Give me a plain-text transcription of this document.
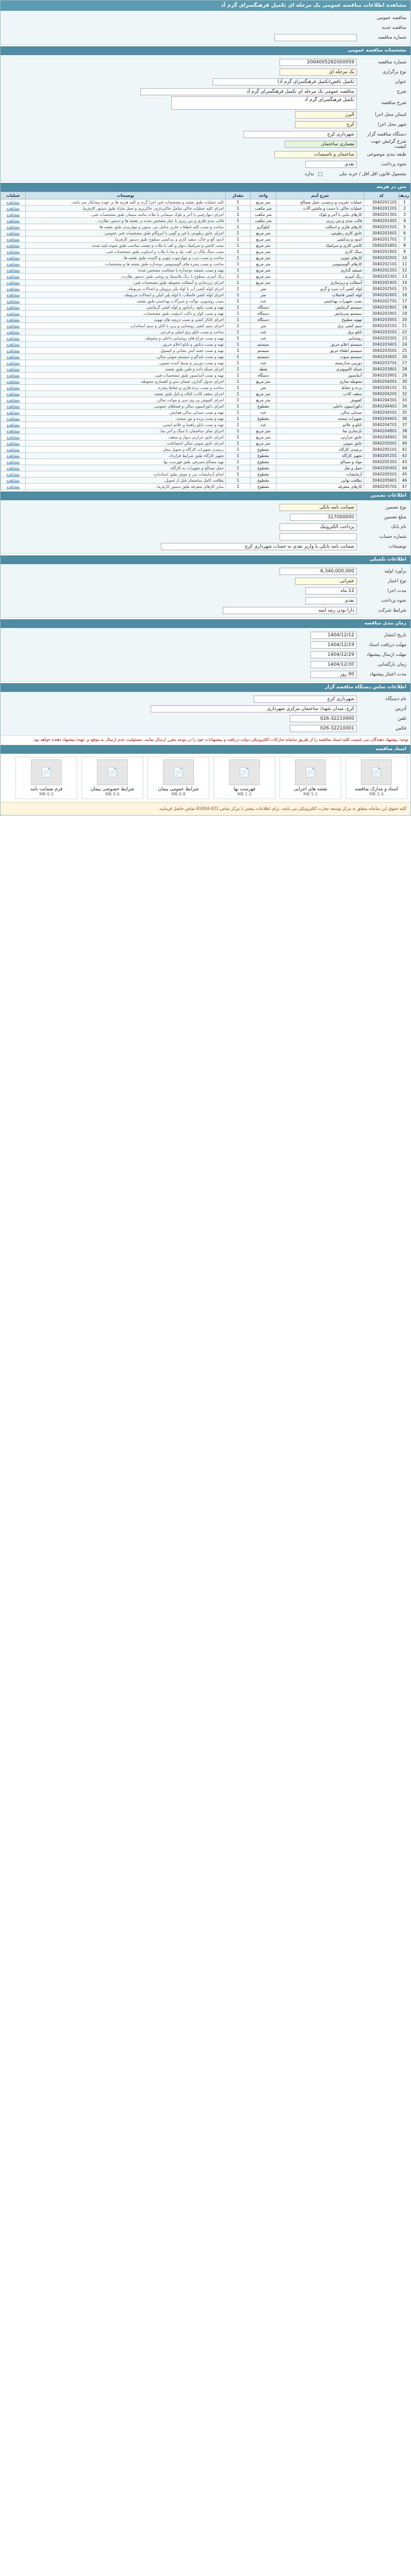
مشاهده اطلاعات مناقصه عمومی یک مرحله ای تکمیل فرهنگسرای گرم آذ
مناقصه عمومی
مناقصه جدید
شماره مناقصه
مشخصات مناقصه عمومی
شماره مناقصه
2004005282000059
نوع برگزاری
یک مرحله ای
عنوان
تکمیل ناقص(تکمیل فرهنگسرای گرم آذ)
شرح
مناقصه عمومی یک مرحله ای تکمیل فرهنگسرای گرم آذ
شرح مناقصه
تکمیل فرهنگسرای گرم آذ
استان محل اجرا
البرز
شهر محل اجرا
کرج
دستگاه مناقصه گزار
شهرداری کرج
شرح گرایش جهت کیفیت
معماری ساختمان
طبقه بندی موضوعی
ساختمان و تاسیسات
نحوه پرداخت
نقدی
مشمول قانون اقل اقل / خرید ملی
ندارد
متن در هزینه
ردیف	کد	شرح آیتم	واحد	مقدار	توضیحات	عملیات
1	3040201101	عملیات تخریب و برچیدن، حمل مصالح	متر مربع	1	کلیه عملیات طبق نقشه و مشخصات فنی اجرا گردد و کلیه هزینه ها بر عهده پیمانکار می باشد.	مشاهده
2	3040201201	عملیات خاکی با دست و ماشین آلات	متر مکعب	1	اجرای کلیه عملیات خاکی شامل خاکبرداری، خاکریزی و حمل مازاد طبق دستور کارفرما.	مشاهده
3	3040201301	کارهای بنایی با آجر و بلوک	متر مکعب	1	اجرای دیوارچینی با آجر و بلوک سیمانی با ملات ماسه سیمان طبق مشخصات فنی.	مشاهده
4	3040201401	قالب بندی و بتن ریزی	متر مکعب	1	قالب بندی فلزی و بتن ریزی با عیار مشخص شده در نقشه ها و دستور نظارت.	مشاهده
5	3040201501	کارهای فلزی و اسکلت	کیلوگرم	1	ساخت و نصب کلیه قطعات فلزی شامل تیر، ستون و مهاربندی طبق نقشه ها.	مشاهده
6	3040201601	عایق کاری رطوبتی	متر مربع	1	اجرای عایق رطوبتی با قیر و گونی یا ایزوگام طبق مشخصات فنی عمومی.	مشاهده
7	3040201701	اندود و بندکشی	متر مربع	1	اندود گچ و خاک، سفید کاری و بندکشی سطوح طبق دستور کارفرما.	مشاهده
8	3040201801	کاشی کاری و سرامیک	متر مربع	1	نصب کاشی و سرامیک دیوار و کف با ملات و چسب مناسب طبق نمونه تایید شده.	مشاهده
9	3040201901	سنگ کاری	متر مربع	1	نصب سنگ پلاک در کف، پله و نما با ملات و اسکوپ طبق مشخصات فنی.	مشاهده
10	3040202001	کارهای چوبی	متر مربع	1	ساخت و نصب درب و چهارچوب چوبی و کابینت طبق نقشه ها.	مشاهده
11	3040202101	کارهای آلومینیومی	متر مربع	1	ساخت و نصب پنجره های آلومینیومی دوجداره طبق نقشه ها و مشخصات.	مشاهده
12	3040202201	شیشه گذاری	متر مربع	1	تهیه و نصب شیشه دوجداره با ضخامت مشخص شده.	مشاهده
13	3040202301	رنگ آمیزی	متر مربع	1	رنگ آمیزی سطوح با رنگ پلاستیک و روغنی طبق دستور نظارت.	مشاهده
14	3040202401	آسفالت و زیرسازی	متر مربع	1	اجرای زیرسازی و آسفالت محوطه طبق مشخصات فنی.	مشاهده
15	3040202501	لوله کشی آب سرد و گرم	متر	1	اجرای لوله کشی آب با لوله پلی پروپیلن و اتصالات مربوطه.	مشاهده
16	3040202601	لوله کشی فاضلاب	متر	1	اجرای لوله کشی فاضلاب با لوله پلی اتیلن و اتصالات مربوطه.	مشاهده
17	3040202701	نصب تجهیزات بهداشتی	عدد	1	نصب روشویی، توالت و شیرآلات بهداشتی طبق نقشه.	مشاهده
18	3040202801	سیستم گرمایش	دستگاه	1	تهیه و نصب پکیج، رادیاتور و لوله کشی گرمایش.	مشاهده
19	3040202901	سیستم سرمایش	دستگاه	1	تهیه و نصب کولر و داکت اسپلیت طبق مشخصات.	مشاهده
20	3040203001	تهویه مطبوع	دستگاه	1	اجرای کانال کشی و نصب دریچه های تهویه.	مشاهده
21	3040203101	سیم کشی برق	متر	1	اجرای سیم کشی روشنایی و پریز با کابل و سیم استاندارد.	مشاهده
22	3040203201	تابلو برق	عدد	1	ساخت و نصب تابلو برق اصلی و فرعی.	مشاهده
23	3040203301	روشنایی	عدد	1	تهیه و نصب چراغ های روشنایی داخلی و محوطه.	مشاهده
24	3040203401	سیستم اعلام حریق	سیستم	1	تهیه و نصب دتکتور و تابلو اعلام حریق.	مشاهده
25	3040203501	سیستم اطفاء حریق	سیستم	1	تهیه و نصب جعبه آتش نشانی و کپسول.	مشاهده
26	3040203601	سیستم صوت	سیستم	1	تهیه و نصب بلندگو و سیستم صوتی سالن.	مشاهده
27	3040203701	دوربین مداربسته	عدد	1	تهیه و نصب دوربین و ضبط کننده تصویر.	مشاهده
28	3040203801	شبکه کامپیوتری	نقطه	1	اجرای شبکه داده و تلفن طبق نقشه.	مشاهده
29	3040203901	آسانسور	دستگاه	1	تهیه و نصب آسانسور طبق مشخصات فنی.	مشاهده
30	3040204001	محوطه سازی	متر مربع	1	اجرای جدول گذاری، فضای سبز و کفسازی محوطه.	مشاهده
31	3040204101	نرده و حفاظ	متر	1	ساخت و نصب نرده فلزی و حفاظ پنجره.	مشاهده
32	3040204201	سقف کاذب	متر مربع	1	اجرای سقف کاذب کناف و تایل طبق نقشه.	مشاهده
33	3040204301	کفپوش	متر مربع	1	اجرای کفپوش پی وی سی و موکت سالن.	مشاهده
34	3040204401	دکوراسیون داخلی	مقطوع	1	اجرای دکوراسیون سالن و فضاهای عمومی.	مشاهده
35	3040204501	صندلی سالن	عدد	1	تهیه و نصب صندلی سالن همایش.	مشاهده
36	3040204601	تجهیزات صحنه	مقطوع	1	تهیه و نصب پرده و نور صحنه.	مشاهده
37	3040204701	تابلو و علائم	عدد	1	تهیه و نصب تابلو راهنما و علائم ایمنی.	مشاهده
38	3040204801	بازسازی نما	متر مربع	1	اجرای نمای ساختمان با سنگ و آجر نما.	مشاهده
39	3040204901	عایق حرارتی	متر مربع	1	اجرای عایق حرارتی دیوار و سقف.	مشاهده
40	3040205001	عایق صوتی	متر مربع	1	اجرای عایق صوتی سالن اجتماعات.	مشاهده
41	3040205101	برچیدن کارگاه	مقطوع	1	برچیدن تجهیزات کارگاه و تحویل محل.	مشاهده
42	3040205201	تجهیز کارگاه	مقطوع	1	تجهیز کارگاه طبق شرایط قرارداد.	مشاهده
43	3040205301	مواد و مصالح	مقطوع	1	تهیه مصالح مصرفی طبق فهرست بها.	مشاهده
44	3040205401	حمل و نقل	مقطوع	1	حمل مصالح و تجهیزات به کارگاه.	مشاهده
45	3040205501	آزمایشات	مقطوع	1	انجام آزمایشات بتن و جوش طبق استاندارد.	مشاهده
46	3040205601	نظافت نهایی	مقطوع	1	نظافت کامل ساختمان قبل از تحویل.	مشاهده
47	3040205701	کارهای متفرقه	مقطوع	1	سایر کارهای متفرقه طبق دستور کارفرما.	مشاهده
اطلاعات تضمین
نوع تضمین
ضمانت نامه بانکی
مبلغ تضمین
317000000
نام بانک
پرداخت الکترونیک
شماره حساب
توضیحات
ضمانت نامه بانکی یا واریز نقدی به حساب شهرداری کرج
اطلاعات تکمیلی
برآورد اولیه
6,340,000,000
نوع اعتبار
عمرانی
مدت اجرا
12 ماه
نحوه پرداخت
نقدی
شرایط شرکت
دارا بودن رتبه ابنیه
زمان بندی مناقصه
تاریخ انتشار
1404/12/12
مهلت دریافت اسناد
1404/12/19
مهلت ارسال پیشنهاد
1404/12/29
زمان بازگشایی
1404/12/30
مدت اعتبار پیشنهاد
90 روز
اطلاعات تماس دستگاه مناقصه گزار
نام دستگاه
شهرداری کرج
آدرس
کرج، میدان شهدا، ساختمان مرکزی شهرداری
تلفن
026-32210000
فکس
026-32210001
توجه: پیشنهاد دهندگان می بایست کلیه اسناد مناقصه را از طریق سامانه تدارکات الکترونیکی دولت دریافت و پیشنهادات خود را در موعد مقرر ارسال نمایند. مسئولیت عدم ارسال به موقع بر عهده پیشنهاد دهنده خواهد بود.
اسناد مناقصه
📄
اسناد و مدارک مناقصه
2.4 MB
📄
نقشه های اجرایی
5.1 MB
📄
فهرست بها
1.2 MB
📄
شرایط عمومی پیمان
0.8 MB
📄
شرایط خصوصی پیمان
0.6 MB
📄
فرم ضمانت نامه
0.3 MB
کلیه حقوق این سامانه متعلق به مرکز توسعه تجارت الکترونیکی می باشد. برای اطلاعات بیشتر با مرکز تماس 021-41934 تماس حاصل فرمایید.
